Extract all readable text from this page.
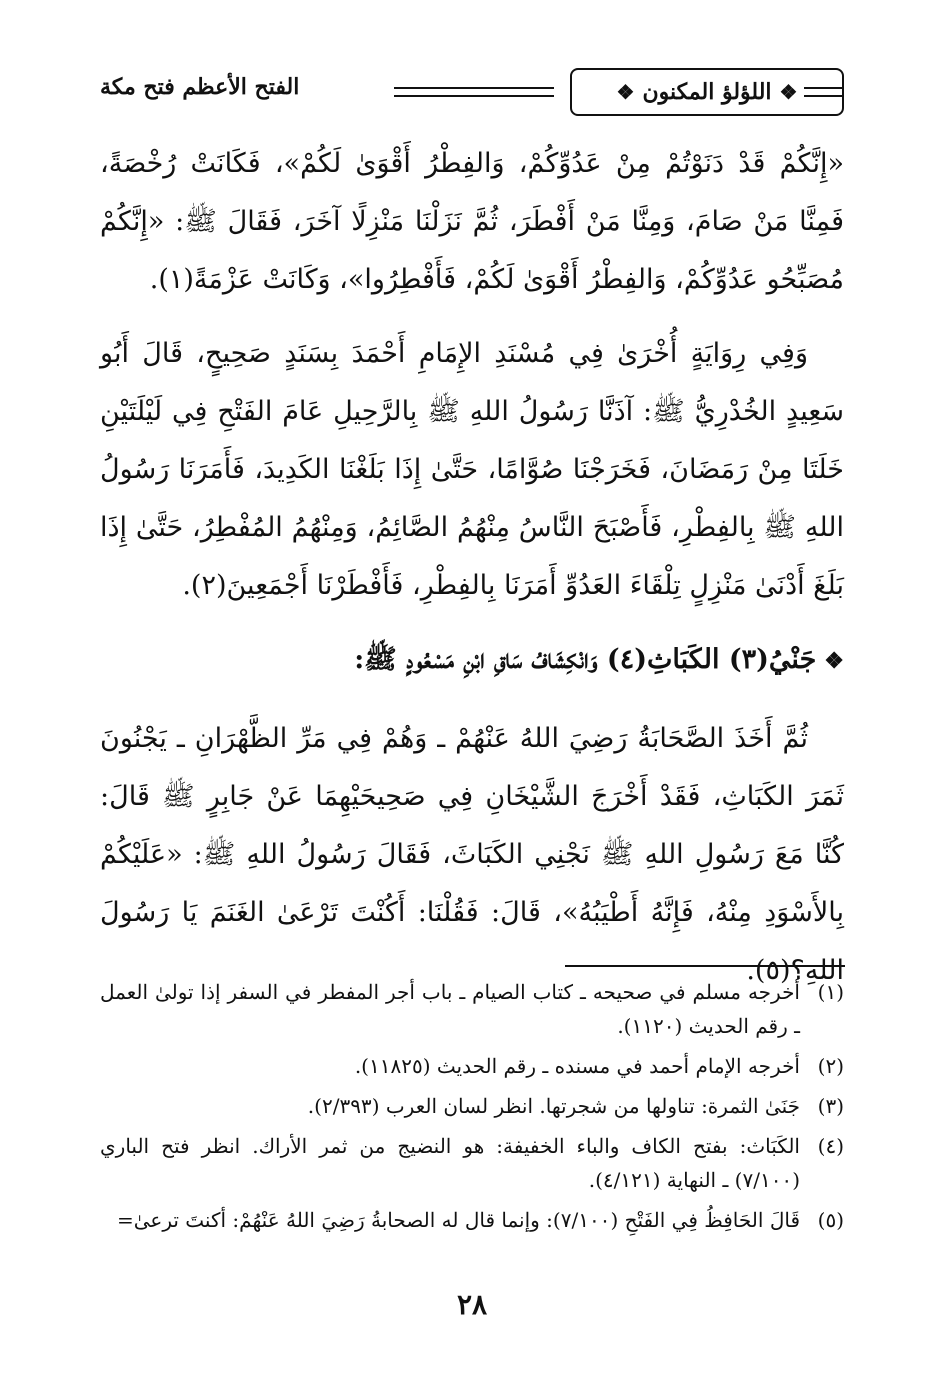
❖ اللؤلؤ المكنون ❖
الفتح الأعظم فتح مكة

«إِنَّكُمْ قَدْ دَنَوْتُمْ مِنْ عَدُوِّكُمْ، وَالفِطْرُ أَقْوَىٰ لَكُمْ»، فَكَانَتْ رُخْصَةً، فَمِنَّا مَنْ صَامَ، وَمِنَّا مَنْ أَفْطَرَ، ثُمَّ نَزَلْنَا مَنْزِلًا آخَرَ، فَقَالَ ﷺ: «إِنَّكُمْ مُصَبِّحُو عَدُوِّكُمْ، وَالفِطْرُ أَقْوَىٰ لَكُمْ، فَأَفْطِرُوا»، وَكَانَتْ عَزْمَةً(١).

وَفِي رِوَايَةٍ أُخْرَىٰ فِي مُسْنَدِ الإِمَامِ أَحْمَدَ بِسَنَدٍ صَحِيحٍ، قَالَ أَبُو سَعِيدٍ الخُدْرِيُّ ﷺ: آذَنَّا رَسُولُ اللهِ ﷺ بِالرَّحِيلِ عَامَ الفَتْحِ فِي لَيْلَتَيْنِ خَلَتَا مِنْ رَمَضَانَ، فَخَرَجْنَا صُوَّامًا، حَتَّىٰ إِذَا بَلَغْنَا الكَدِيدَ، فَأَمَرَنَا رَسُولُ اللهِ ﷺ بِالفِطْرِ، فَأَصْبَحَ النَّاسُ مِنْهُمُ الصَّائِمُ، وَمِنْهُمُ المُفْطِرُ، حَتَّىٰ إِذَا بَلَغَ أَدْنَىٰ مَنْزِلٍ تِلْقَاءَ العَدُوِّ أَمَرَنَا بِالفِطْرِ، فَأَفْطَرْنَا أَجْمَعِينَ(٢).

❖جَنْيُ(٣) الكَبَاثِ(٤) وَانْكِشَافُ سَاقِ ابْنِ مَسْعُودٍ ﷺ:

ثُمَّ أَخَذَ الصَّحَابَةُ رَضِيَ اللهُ عَنْهُمْ ـ وَهُمْ فِي مَرِّ الظَّهْرَانِ ـ يَجْنُونَ ثَمَرَ الكَبَاثِ، فَقَدْ أَخْرَجَ الشَّيْخَانِ فِي صَحِيحَيْهِمَا عَنْ جَابِرٍ ﷺ قَالَ: كُنَّا مَعَ رَسُولِ اللهِ ﷺ نَجْنِي الكَبَاثَ، فَقَالَ رَسُولُ اللهِ ﷺ: «عَلَيْكُمْ بِالأَسْوَدِ مِنْهُ، فَإِنَّهُ أَطْيَبُهُ»، قَالَ: فَقُلْنَا: أَكُنْتَ تَرْعَىٰ الغَنَمَ يَا رَسُولَ اللهِ؟(٥).

(١)
أخرجه مسلم في صحيحه ـ كتاب الصيام ـ باب أجر المفطر في السفر إذا تولىٰ العمل ـ رقم الحديث (١١٢٠).
(٢)
أخرجه الإمام أحمد في مسنده ـ رقم الحديث (١١٨٢٥).
(٣)
جَنَىٰ الثمرة: تناولها من شجرتها. انظر لسان العرب (٢/٣٩٣).
(٤)
الكَبَاث: بفتح الكاف والباء الخفيفة: هو النضيج من ثمر الأراك. انظر فتح الباري (٧/١٠٠) ـ النهاية (٤/١٢١).
(٥)
قَالَ الحَافِظُ فِي الفَتْحِ (٧/١٠٠): وإنما قال له الصحابةُ رَضِيَ اللهُ عَنْهُمْ: أكنتَ ترعىٰ=
٢٨
